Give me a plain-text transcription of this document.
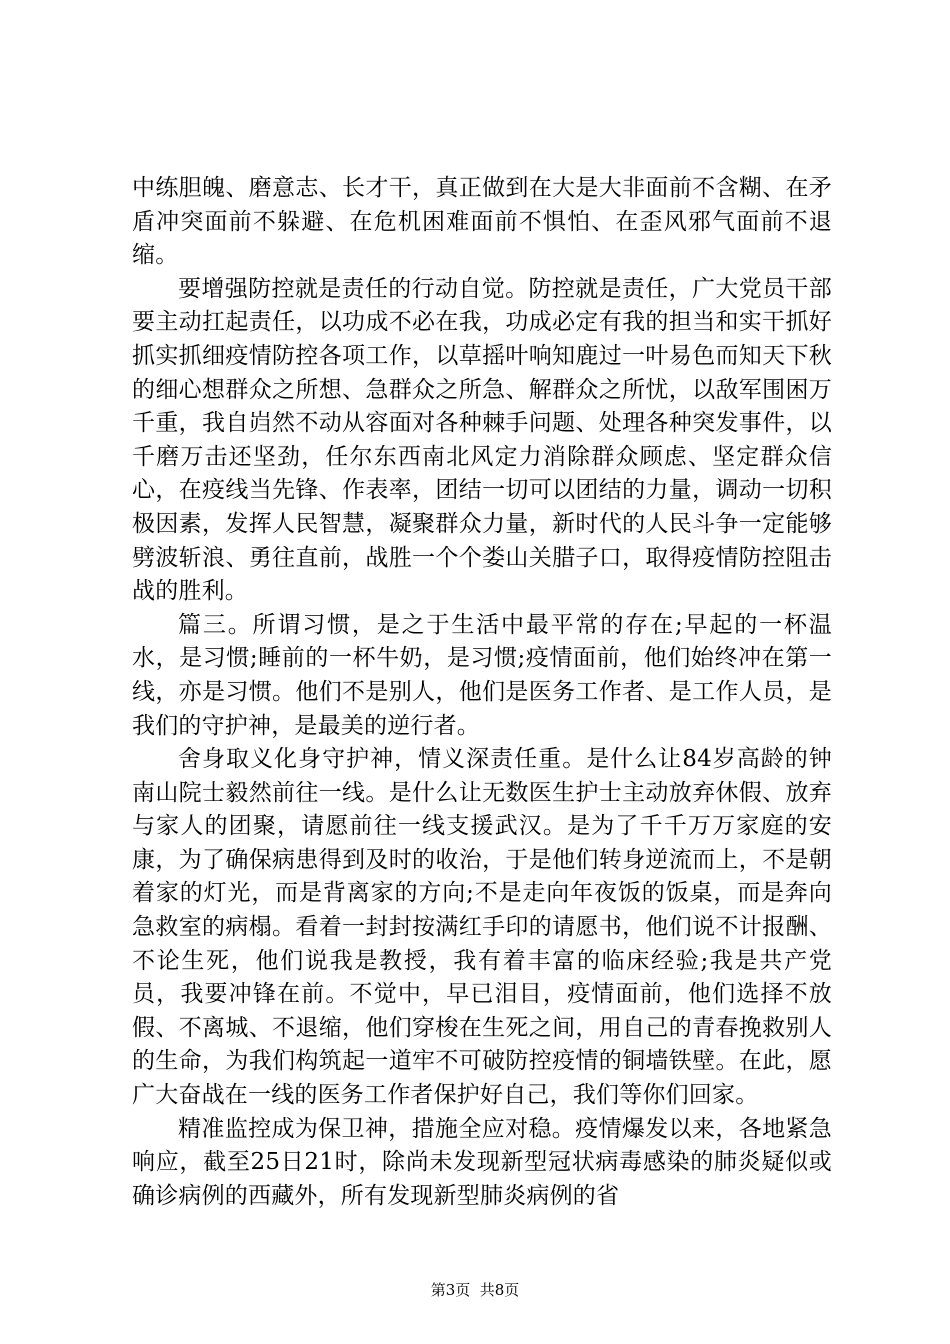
中练胆魄、磨意志、长才干，真正做到在大是大非面前不含糊、在矛盾冲突面前不躲避、在危机困难面前不惧怕、在歪风邪气面前不退缩。

要增强防控就是责任的行动自觉。防控就是责任，广大党员干部要主动扛起责任，以功成不必在我，功成必定有我的担当和实干抓好抓实抓细疫情防控各项工作，以草摇叶响知鹿过一叶易色而知天下秋的细心想群众之所想、急群众之所急、解群众之所忧，以敌军围困万千重，我自岿然不动从容面对各种棘手问题、处理各种突发事件，以千磨万击还坚劲，任尔东西南北风定力消除群众顾虑、坚定群众信心，在疫线当先锋、作表率，团结一切可以团结的力量，调动一切积极因素，发挥人民智慧，凝聚群众力量，新时代的人民斗争一定能够劈波斩浪、勇往直前，战胜一个个娄山关腊子口，取得疫情防控阻击战的胜利。

篇三。所谓习惯，是之于生活中最平常的存在;早起的一杯温水，是习惯;睡前的一杯牛奶，是习惯;疫情面前，他们始终冲在第一线，亦是习惯。他们不是别人，他们是医务工作者、是工作人员，是我们的守护神，是最美的逆行者。

舍身取义化身守护神，情义深责任重。是什么让84岁高龄的钟南山院士毅然前往一线。是什么让无数医生护士主动放弃休假、放弃与家人的团聚，请愿前往一线支援武汉。是为了千千万万家庭的安康，为了确保病患得到及时的收治，于是他们转身逆流而上，不是朝着家的灯光，而是背离家的方向;不是走向年夜饭的饭桌，而是奔向急救室的病榻。看着一封封按满红手印的请愿书，他们说不计报酬、不论生死，他们说我是教授，我有着丰富的临床经验;我是共产党员，我要冲锋在前。不觉中，早已泪目，疫情面前，他们选择不放假、不离城、不退缩，他们穿梭在生死之间，用自己的青春挽救别人的生命，为我们构筑起一道牢不可破防控疫情的铜墙铁壁。在此，愿广大奋战在一线的医务工作者保护好自己，我们等你们回家。

精准监控成为保卫神，措施全应对稳。疫情爆发以来，各地紧急响应，截至25日21时，除尚未发现新型冠状病毒感染的肺炎疑似或确诊病例的西藏外，所有发现新型肺炎病例的省

第3页  共8页
